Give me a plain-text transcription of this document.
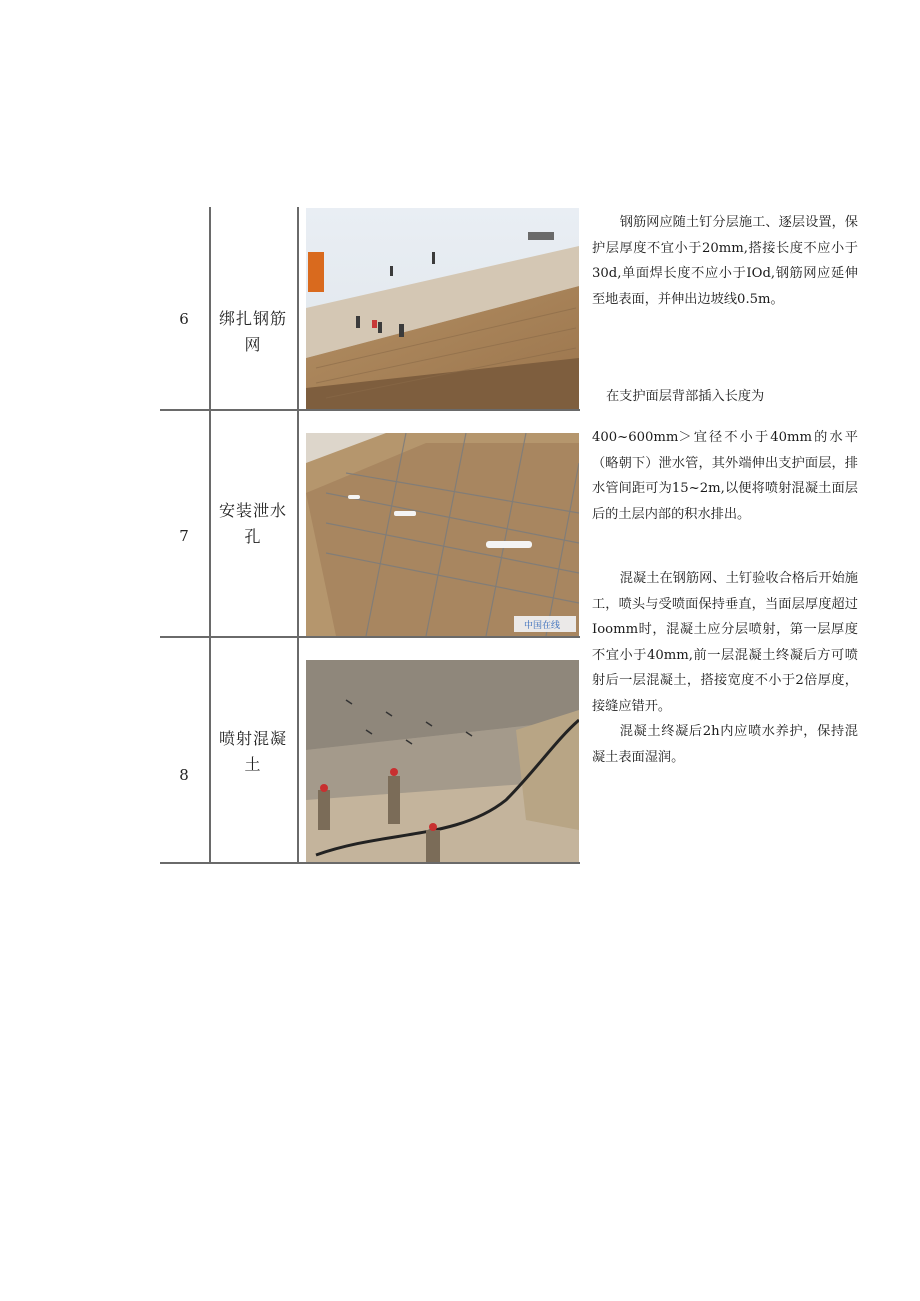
6	绑扎钢筋网

钢筋网应随土钉分层施工、逐层设置，保护层厚度不宜小于20mm,搭接长度不应小于30d,单面焊长度不应小于IOd,钢筋网应延伸至地表面，并伸出边坡线0.5m。

7
安装泄水孔
中国在线

在支护面层背部插入长度为

400~600mm＞宜径不小于40mm的水平（略朝下）泄水管，其外端伸出支护面层，排水管间距可为15~2m,以便将喷射混凝土面层后的土层内部的积水排出。

8
喷射混凝土

混凝土在钢筋网、土钉验收合格后开始施工，喷头与受喷面保持垂直，当面层厚度超过Ioomm时，混凝土应分层喷射，第一层厚度不宜小于40mm,前一层混凝土终凝后方可喷射后一层混凝土，搭接宽度不小于2倍厚度，接缝应错开。

混凝土终凝后2h内应喷水养护，保持混凝土表面湿润。
